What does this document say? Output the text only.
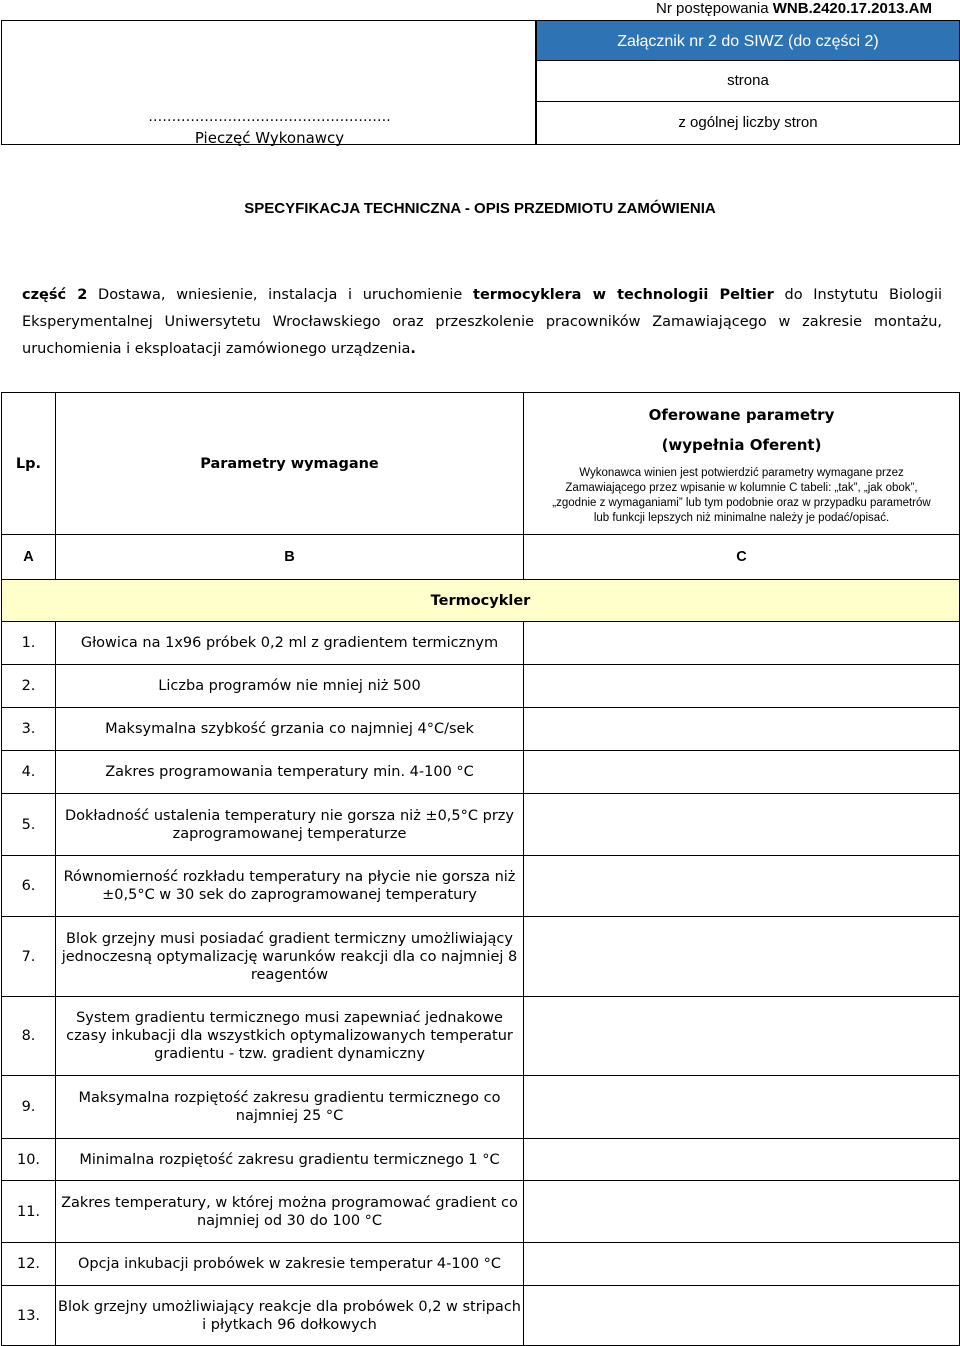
Nr postępowania WNB.2420.17.2013.AM
…………………………………………….
Pieczęć Wykonawcy
Załącznik nr 2 do SIWZ (do części 2)
strona
z ogólnej liczby stron
SPECYFIKACJA TECHNICZNA - OPIS PRZEDMIOTU ZAMÓWIENIA
część 2 Dostawa, wniesienie, instalacja i uruchomienie termocyklera w technologii Peltier do Instytutu Biologii Eksperymentalnej Uniwersytetu Wrocławskiego oraz przeszkolenie pracowników Zamawiającego w zakresie montażu, uruchomienia i eksploatacji zamówionego urządzenia.
Lp.	Parametry wymagane	Oferowane parametry
(wypełnia Oferent)
Wykonawca winien jest potwierdzić parametry wymagane przez Zamawiającego przez wpisanie w kolumnie C tabeli: „tak”, „jak obok”, „zgodnie z wymaganiami” lub tym podobnie oraz w przypadku parametrów lub funkcji lepszych niż minimalne należy je podać/opisać.

A	B	C
Termocykler		
1.	Głowica na 1x96 próbek 0,2 ml z gradientem termicznym	
2.	Liczba programów nie mniej niż 500	
3.	Maksymalna szybkość grzania co najmniej 4°C/sek	
4.	Zakres programowania temperatury min. 4-100 °C	
5.	Dokładność ustalenia temperatury nie gorsza niż ±0,5°C przy zaprogramowanej temperaturze	
6.	Równomierność rozkładu temperatury na płycie nie gorsza niż ±0,5°C w 30 sek do zaprogramowanej temperatury	
7.	Blok grzejny musi posiadać gradient termiczny umożliwiający jednoczesną optymalizację warunków reakcji dla co najmniej 8 reagentów	
8.	System gradientu termicznego musi zapewniać jednakowe czasy inkubacji dla wszystkich optymalizowanych temperatur gradientu - tzw. gradient dynamiczny	
9.	Maksymalna rozpiętość zakresu gradientu termicznego co najmniej 25 °C	
10.	Minimalna rozpiętość zakresu gradientu termicznego 1 °C	
11.	Zakres temperatury, w której można programować gradient co najmniej od 30 do 100 °C	
12.	Opcja inkubacji probówek w zakresie temperatur 4-100 °C	
13.	Blok grzejny umożliwiający reakcje dla probówek 0,2 w stripach i płytkach 96 dołkowych	
